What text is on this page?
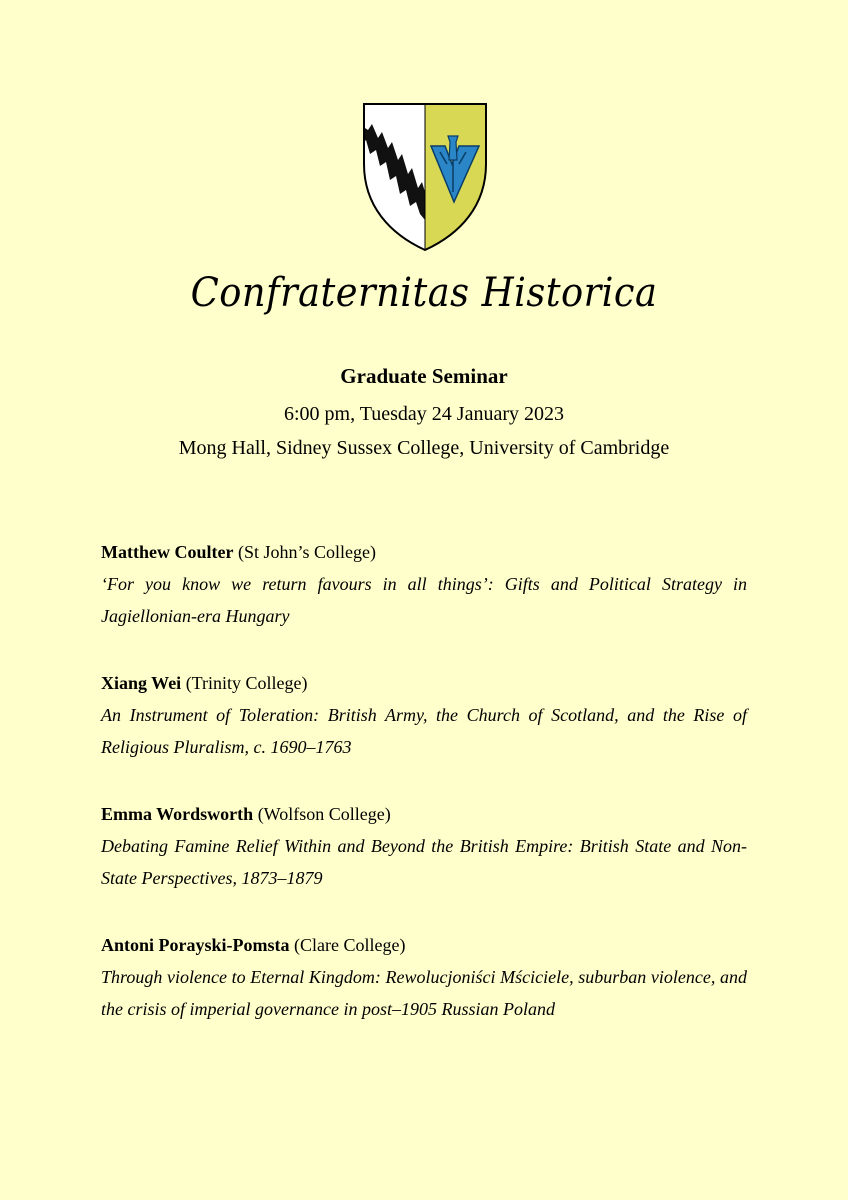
Confraternitas Historica
Graduate Seminar
6:00 pm, Tuesday 24 January 2023
Mong Hall, Sidney Sussex College, University of Cambridge
Matthew Coulter (St John’s College)
‘For you know we return favours in all things’: Gifts and Political Strategy in Jagiellonian-era Hungary
Xiang Wei (Trinity College)
An Instrument of Toleration: British Army, the Church of Scotland, and the Rise of Religious Pluralism, c. 1690–1763
Emma Wordsworth (Wolfson College)
Debating Famine Relief Within and Beyond the British Empire: British State and Non-State Perspectives, 1873–1879
Antoni Porayski-Pomsta (Clare College)
Through violence to Eternal Kingdom: Rewolucjoniści Mściciele, suburban violence, and the crisis of imperial governance in post–1905 Russian Poland
